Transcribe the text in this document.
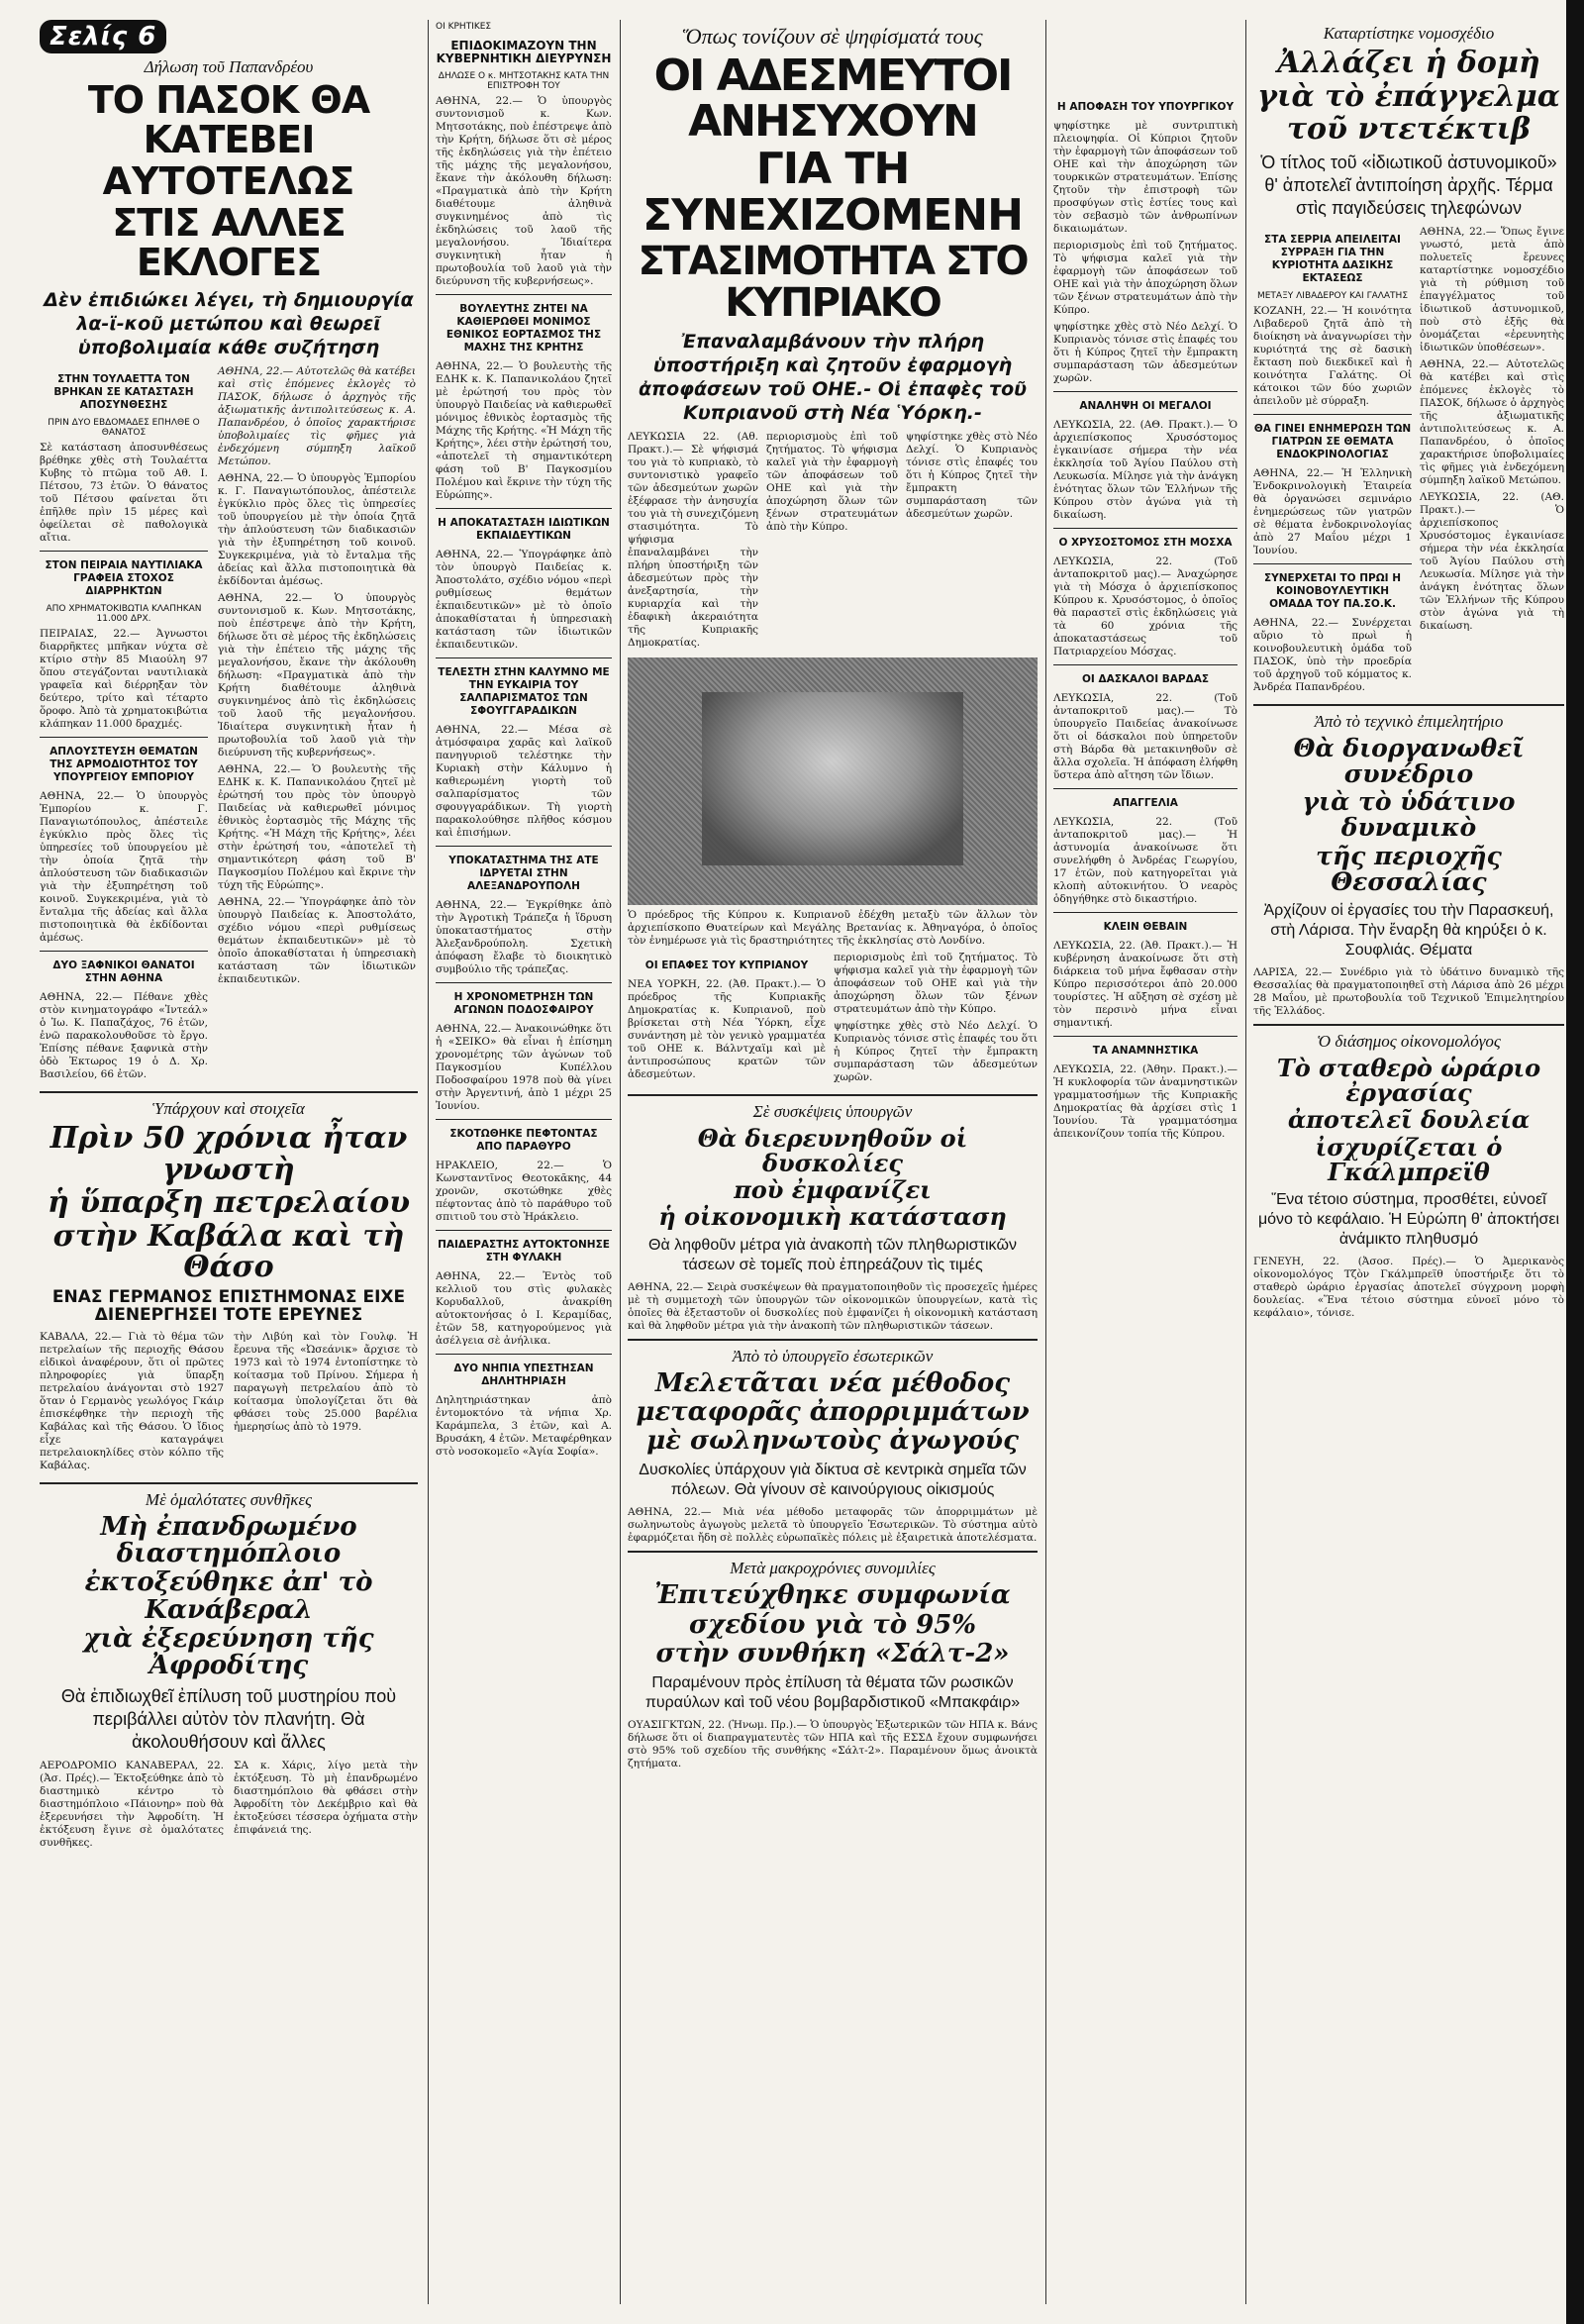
Σελίς 6
Δήλωση τοῦ Παπανδρέου
ΤΟ ΠΑΣΟΚ ΘΑ ΚΑΤΕΒΕΙ
ΑΥΤΟΤΕΛΩΣ
ΣΤΙΣ ΑΛΛΕΣ ΕΚΛΟΓΕΣ
Δὲν ἐπιδιώκει λέγει, τὴ δημιουργία λα-ϊ-κοῦ μετώπου καὶ θεωρεῖ ὑποβολιμαία κάθε συζήτηση
ΣΤΗΝ ΤΟΥΛΑΕΤΤΑ ΤΟΝ ΒΡΗΚΑΝ ΣΕ ΚΑΤΑΣΤΑΣΗ ΑΠΟΣΥΝΘΕΣΗΣ
ΠΡΙΝ ΔΥΟ ΕΒΔΟΜΑΔΕΣ ΕΠΗΛΘΕ Ο ΘΑΝΑΤΟΣ

Σὲ κατάσταση ἀποσυνθέσεως βρέθηκε χθὲς στὴ Τουλαέττα Κυβης τὸ πτῶμα τοῦ Αθ. Ι. Πέτσου, 73 ἐτῶν. Ὁ θάνατος τοῦ Πέτσου φαίνεται ὅτι ἐπῆλθε πρὶν 15 μέρες καὶ ὀφείλεται σὲ παθολογικὰ αἴτια.

ΣΤΟΝ ΠΕΙΡΑΙΑ ΝΑΥΤΙΛΙΑΚΑ ΓΡΑΦΕΙΑ ΣΤΟΧΟΣ ΔΙΑΡΡΗΚΤΩΝ
ΑΠΟ ΧΡΗΜΑΤΟΚΙΒΩΤΙΑ ΚΛΑΠΗΚΑΝ 11.000 ΔΡΧ.

ΠΕΙΡΑΙΑΣ, 22.— Ἀγνωστοι διαρρῆκτες μπῆκαν νύχτα σὲ κτίριο στὴν 85 Μιαούλη 97 ὅπου στεγάζονται ναυτιλιακὰ γραφεῖα καὶ διέρρηξαν τὸν δεύτερο, τρίτο καὶ τέταρτο ὅροφο. Ἀπὸ τὰ χρηματοκιβώτια κλάπηκαν 11.000 δραχμές.

ΑΠΛΟΥΣΤΕΥΣΗ ΘΕΜΑΤΩΝ ΤΗΣ ΑΡΜΟΔΙΟΤΗΤΟΣ ΤΟΥ ΥΠΟΥΡΓΕΙΟΥ ΕΜΠΟΡΙΟΥ

ΑΘΗΝΑ, 22.— Ὁ ὑπουργὸς Ἐμπορίου κ. Γ. Παναγιωτόπουλος, ἀπέστειλε ἐγκύκλιο πρὸς ὅλες τὶς ὑπηρεσίες τοῦ ὑπουργείου μὲ τὴν ὁποία ζητᾶ τὴν ἀπλούστευση τῶν διαδικασιῶν γιὰ τὴν ἐξυπηρέτηση τοῦ κοινοῦ. Συγκεκριμένα, γιὰ τὸ ἔνταλμα τῆς ἀδείας καὶ ἄλλα πιστοποιητικὰ θὰ ἐκδίδονται ἀμέσως.

ΔΥΟ ΞΑΦΝΙΚΟΙ ΘΑΝΑΤΟΙ ΣΤΗΝ ΑΘΗΝΑ

ΑΘΗΝΑ, 22.— Πέθανε χθὲς στὸν κινηματογράφο «Ἰντεάλ» ὁ Ἰω. Κ. Παπαζάχος, 76 ἐτῶν, ἐνῶ παρακολουθοῦσε τὸ ἔργο. Ἐπίσης πέθανε ξαφνικὰ στὴν ὁδὸ Ἐκτωρος 19 ὁ Δ. Χρ. Βασιλείου, 66 ἐτῶν.

ΑΘΗΝΑ, 22.— Αὐτοτελῶς θὰ κατέβει καὶ στὶς ἑπόμενες ἐκλογὲς τὸ ΠΑΣΟΚ, δήλωσε ὁ ἀρχηγὸς τῆς ἀξιωματικῆς ἀντιπολιτεύσεως κ. Α. Παπανδρέου, ὁ ὁποῖος χαρακτήρισε ὑποβολιμαίες τὶς φῆμες γιὰ ἐνδεχόμενη σύμπηξη λαϊκοῦ Μετώπου.

ΑΘΗΝΑ, 22.— Ὁ ὑπουργὸς Ἐμπορίου κ. Γ. Παναγιωτόπουλος, ἀπέστειλε ἐγκύκλιο πρὸς ὅλες τὶς ὑπηρεσίες τοῦ ὑπουργείου μὲ τὴν ὁποία ζητᾶ τὴν ἀπλούστευση τῶν διαδικασιῶν γιὰ τὴν ἐξυπηρέτηση τοῦ κοινοῦ. Συγκεκριμένα, γιὰ τὸ ἔνταλμα τῆς ἀδείας καὶ ἄλλα πιστοποιητικὰ θὰ ἐκδίδονται ἀμέσως.

ΑΘΗΝΑ, 22.— Ὁ ὑπουργὸς συντονισμοῦ κ. Κων. Μητσοτάκης, ποὺ ἐπέστρεψε ἀπὸ τὴν Κρήτη, δήλωσε ὅτι σὲ μέρος τῆς ἐκδηλώσεις γιὰ τὴν ἐπέτειο τῆς μάχης τῆς μεγαλονήσου, ἔκανε τὴν ἀκόλουθη δήλωση: «Πραγματικὰ ἀπὸ τὴν Κρήτη διαθέτουμε ἀληθινὰ συγκινημένος ἀπὸ τὶς ἐκδηλώσεις τοῦ λαοῦ τῆς μεγαλονήσου. Ἰδιαίτερα συγκινητικὴ ἦταν ἡ πρωτοβουλία τοῦ λαοῦ γιὰ τὴν διεύρυνση τῆς κυβερνήσεως».

ΑΘΗΝΑ, 22.— Ὁ βουλευτὴς τῆς ΕΔΗΚ κ. Κ. Παπανικολάου ζητεῖ μὲ ἐρώτησή του πρὸς τὸν ὑπουργὸ Παιδείας νὰ καθιερωθεῖ μόνιμος ἐθνικὸς ἑορτασμὸς τῆς Μάχης τῆς Κρήτης. «Ἡ Μάχη τῆς Κρήτης», λέει στὴν ἐρώτησή του, «ἀποτελεῖ τὴ σημαντικότερη φάση τοῦ Β' Παγκοσμίου Πολέμου καὶ ἔκρινε τὴν τύχη τῆς Εὐρώπης».

ΑΘΗΝΑ, 22.— Ὑπογράφηκε ἀπὸ τὸν ὑπουργὸ Παιδείας κ. Ἀποστολάτο, σχέδιο νόμου «περὶ ρυθμίσεως θεμάτων ἐκπαιδευτικῶν» μὲ τὸ ὁποῖο ἀποκαθίσταται ἡ ὑπηρεσιακὴ κατάσταση τῶν ἰδιωτικῶν ἐκπαιδευτικῶν.

Ὑπάρχουν καὶ στοιχεῖα
Πρὶν 50 χρόνια ἦταν γνωστὴ
ἡ ὕπαρξη πετρελαίου
στὴν Καβάλα καὶ τὴ Θάσο
ΕΝΑΣ ΓΕΡΜΑΝΟΣ ΕΠΙΣΤΗΜΟΝΑΣ ΕΙΧΕ ΔΙΕΝΕΡΓΗΣΕΙ ΤΟΤΕ ΕΡΕΥΝΕΣ

ΚΑΒΑΛΑ, 22.— Γιὰ τὸ θέμα τῶν πετρελαίων τῆς περιοχῆς Θάσου εἰδικοὶ ἀναφέρουν, ὅτι οἱ πρῶτες πληροφορίες γιὰ ὕπαρξη πετρελαίου ἀνάγονται στὸ 1927 ὅταν ὁ Γερμανὸς γεωλόγος Γκάιρ ἐπισκέφθηκε τὴν περιοχὴ τῆς Καβάλας καὶ τῆς Θάσου. Ὁ ἴδιος εἶχε καταγράψει πετρελαιοκηλίδες στὸν κόλπο τῆς Καβάλας.

τὴν Λιβύη καὶ τὸν Γουλφ. Ἡ ἔρευνα τῆς «Ὠσεάνικ» ἄρχισε τὸ 1973 καὶ τὸ 1974 ἐντοπίστηκε τὸ κοίτασμα τοῦ Πρίνου. Σήμερα ἡ παραγωγὴ πετρελαίου ἀπὸ τὸ κοίτασμα ὑπολογίζεται ὅτι θὰ φθάσει τοὺς 25.000 βαρέλια ἡμερησίως ἀπὸ τὸ 1979.

Μὲ ὁμαλότατες συνθῆκες
Μὴ ἐπανδρωμένο διαστημόπλοιο
ἐκτοξεύθηκε ἀπ' τὸ Κανάβεραλ
χιὰ ἐξερεύνηση τῆς Ἀφροδίτης
Θὰ ἐπιδιωχθεῖ ἐπίλυση τοῦ μυστηρίου ποὺ περιβάλλει αὐτὸν τὸν πλανήτη. Θὰ ἀκολουθήσουν καὶ ἄλλες

ΑΕΡΟΔΡΟΜΙΟ ΚΑΝΑΒΕΡΑΛ, 22. (Ἀσ. Πρές).— Ἐκτοξεύθηκε ἀπὸ τὸ διαστημικὸ κέντρο τὸ διαστημόπλοιο «Πάιονηρ» ποὺ θὰ ἐξερευνήσει τὴν Ἀφροδίτη. Ἡ ἐκτόξευση ἔγινε σὲ ὁμαλότατες συνθῆκες.

ΣΑ κ. Χάρις, λίγο μετὰ τὴν ἐκτόξευση. Τὸ μὴ ἐπανδρωμένο διαστημόπλοιο θὰ φθάσει στὴν Ἀφροδίτη τὸν Δεκέμβριο καὶ θὰ ἐκτοξεύσει τέσσερα ὀχήματα στὴν ἐπιφάνειά της.

ΟΙ ΚΡΗΤΙΚΕΣ
ΕΠΙΔΟΚΙΜΑΖΟΥΝ ΤΗΝ ΚΥΒΕΡΝΗΤΙΚΗ ΔΙΕΥΡΥΝΣΗ
ΔΗΛΩΣΕ Ο κ. ΜΗΤΣΟΤΑΚΗΣ ΚΑΤΑ ΤΗΝ ΕΠΙΣΤΡΟΦΗ ΤΟΥ

ΑΘΗΝΑ, 22.— Ὁ ὑπουργὸς συντονισμοῦ κ. Κων. Μητσοτάκης, ποὺ ἐπέστρεψε ἀπὸ τὴν Κρήτη, δήλωσε ὅτι σὲ μέρος τῆς ἐκδηλώσεις γιὰ τὴν ἐπέτειο τῆς μάχης τῆς μεγαλονήσου, ἔκανε τὴν ἀκόλουθη δήλωση: «Πραγματικὰ ἀπὸ τὴν Κρήτη διαθέτουμε ἀληθινὰ συγκινημένος ἀπὸ τὶς ἐκδηλώσεις τοῦ λαοῦ τῆς μεγαλονήσου. Ἰδιαίτερα συγκινητικὴ ἦταν ἡ πρωτοβουλία τοῦ λαοῦ γιὰ τὴν διεύρυνση τῆς κυβερνήσεως».

ΒΟΥΛΕΥΤΗΣ ΖΗΤΕΙ ΝΑ ΚΑΘΙΕΡΩΘΕΙ ΜΟΝΙΜΟΣ ΕΘΝΙΚΟΣ ΕΟΡΤΑΣΜΟΣ ΤΗΣ ΜΑΧΗΣ ΤΗΣ ΚΡΗΤΗΣ

ΑΘΗΝΑ, 22.— Ὁ βουλευτὴς τῆς ΕΔΗΚ κ. Κ. Παπανικολάου ζητεῖ μὲ ἐρώτησή του πρὸς τὸν ὑπουργὸ Παιδείας νὰ καθιερωθεῖ μόνιμος ἐθνικὸς ἑορτασμὸς τῆς Μάχης τῆς Κρήτης. «Ἡ Μάχη τῆς Κρήτης», λέει στὴν ἐρώτησή του, «ἀποτελεῖ τὴ σημαντικότερη φάση τοῦ Β' Παγκοσμίου Πολέμου καὶ ἔκρινε τὴν τύχη τῆς Εὐρώπης».

Η ΑΠΟΚΑΤΑΣΤΑΣΗ ΙΔΙΩΤΙΚΩΝ ΕΚΠΑΙΔΕΥΤΙΚΩΝ

ΑΘΗΝΑ, 22.— Ὑπογράφηκε ἀπὸ τὸν ὑπουργὸ Παιδείας κ. Ἀποστολάτο, σχέδιο νόμου «περὶ ρυθμίσεως θεμάτων ἐκπαιδευτικῶν» μὲ τὸ ὁποῖο ἀποκαθίσταται ἡ ὑπηρεσιακὴ κατάσταση τῶν ἰδιωτικῶν ἐκπαιδευτικῶν.

ΤΕΛΕΣΤΗ ΣΤΗΝ ΚΑΛΥΜΝΟ ΜΕ ΤΗΝ ΕΥΚΑΙΡΙΑ ΤΟΥ ΣΑΛΠΑΡΙΣΜΑΤΟΣ ΤΩΝ ΣΦΟΥΓΓΑΡΑΔΙΚΩΝ

ΑΘΗΝΑ, 22.— Μέσα σὲ ἀτμόσφαιρα χαρᾶς καὶ λαϊκοῦ πανηγυριοῦ τελέστηκε τὴν Κυριακὴ στὴν Κάλυμνο ἡ καθιερωμένη γιορτὴ τοῦ σαλπαρίσματος τῶν σφουγγαράδικων. Τὴ γιορτὴ παρακολούθησε πλῆθος κόσμου καὶ ἐπισήμων.

ΥΠΟΚΑΤΑΣΤΗΜΑ ΤΗΣ ΑΤΕ ΙΔΡΥΕΤΑΙ ΣΤΗΝ ΑΛΕΞΑΝΔΡΟΥΠΟΛΗ

ΑΘΗΝΑ, 22.— Ἐγκρίθηκε ἀπὸ τὴν Ἀγροτικὴ Τράπεζα ἡ ἵδρυση ὑποκαταστήματος στὴν Ἀλεξανδρούπολη. Σχετικὴ ἀπόφαση ἔλαβε τὸ διοικητικὸ συμβούλιο τῆς τράπεζας.

Η ΧΡΟΝΟΜΕΤΡΗΣΗ ΤΩΝ ΑΓΩΝΩΝ ΠΟΔΟΣΦΑΙΡΟΥ

ΑΘΗΝΑ, 22.— Ἀνακοινώθηκε ὅτι ἡ «ΣΕΙΚΟ» θὰ εἶναι ἡ ἐπίσημη χρονομέτρης τῶν ἀγώνων τοῦ Παγκοσμίου Κυπέλλου Ποδοσφαίρου 1978 ποὺ θὰ γίνει στὴν Ἀργεντινή, ἀπὸ 1 μέχρι 25 Ἰουνίου.

ΣΚΟΤΩΘΗΚΕ ΠΕΦΤΟΝΤΑΣ ΑΠΟ ΠΑΡΑΘΥΡΟ

ΗΡΑΚΛΕΙΟ, 22.— Ὁ Κωνσταντῖνος Θεοτοκᾶκης, 44 χρονῶν, σκοτώθηκε χθὲς πέφτοντας ἀπὸ τὸ παράθυρο τοῦ σπιτιοῦ του στὸ Ἡράκλειο.

ΠΑΙΔΕΡΑΣΤΗΣ ΑΥΤΟΚΤΟΝΗΣΕ ΣΤΗ ΦΥΛΑΚΗ

ΑΘΗΝΑ, 22.— Ἐντὸς τοῦ κελλιοῦ του στὶς φυλακὲς Κορυδαλλοῦ, ἀνακρίθη αὐτοκτονήσας ὁ Ι. Κεραμίδας, ἐτῶν 58, κατηγορούμενος γιὰ ἀσέλγεια σὲ ἀνήλικα.

ΔΥΟ ΝΗΠΙΑ ΥΠΕΣΤΗΣΑΝ ΔΗΛΗΤΗΡΙΑΣΗ

Δηλητηριάστηκαν ἀπὸ ἐντομοκτόνο τὰ νήπια Χρ. Καράμπελα, 3 ἐτῶν, καὶ Α. Βρυσάκη, 4 ἐτῶν. Μεταφέρθηκαν στὸ νοσοκομεῖο «Ἀγία Σοφία».

Ὅπως τονίζουν σὲ ψηφίσματά τους
ΟΙ ΑΔΕΣΜΕΥΤΟΙ ΑΝΗΣΥΧΟΥΝ
ΓΙΑ ΤΗ ΣΥΝΕΧΙΖΟΜΕΝΗ
ΣΤΑΣΙΜΟΤΗΤΑ ΣΤΟ ΚΥΠΡΙΑΚΟ
Ἐπαναλαμβάνουν τὴν πλήρη ὑποστήριξη καὶ ζητοῦν ἐφαρμογὴ ἀποφάσεων τοῦ ΟΗΕ.- Οἱ ἐπαφὲς τοῦ Κυπριανοῦ στὴ Νέα Ὑόρκη.-

ΛΕΥΚΩΣΙΑ 22. (Αθ. Πρακτ.).— Σὲ ψήφισμά του γιὰ τὸ κυπριακὸ, τὸ συντονιστικὸ γραφεῖο τῶν ἀδεσμεύτων χωρῶν ἐξέφρασε τὴν ἀνησυχία του γιὰ τὴ συνεχιζόμενη στασιμότητα. Τὸ ψήφισμα ἐπαναλαμβάνει τὴν πλήρη ὑποστήριξη τῶν ἀδεσμεύτων πρὸς τὴν ἀνεξαρτησία, τὴν κυριαρχία καὶ τὴν ἐδαφικὴ ἀκεραιότητα τῆς Κυπριακῆς Δημοκρατίας.

περιορισμοὺς ἐπὶ τοῦ ζητήματος. Τὸ ψήφισμα καλεῖ γιὰ τὴν ἐφαρμογὴ τῶν ἀποφάσεων τοῦ ΟΗΕ καὶ γιὰ τὴν ἀποχώρηση ὅλων τῶν ξένων στρατευμάτων ἀπὸ τὴν Κύπρο.

ψηφίστηκε χθὲς στὸ Νέο Δελχί. Ὁ Κυπριανὸς τόνισε στὶς ἐπαφές του ὅτι ἡ Κύπρος ζητεῖ τὴν ἔμπρακτη συμπαράσταση τῶν ἀδεσμεύτων χωρῶν.

Ὁ πρόεδρος τῆς Κύπρου κ. Κυπριανοῦ ἐδέχθη μεταξὺ τῶν ἄλλων τὸν ἀρχιεπίσκοπο Θυατείρων καὶ Μεγάλης Βρετανίας κ. Ἀθηναγόρα, ὁ ὁποῖος τὸν ἐνημέρωσε γιὰ τὶς δραστηριότητες τῆς ἐκκλησίας στὸ Λονδίνο.

ΟΙ ΕΠΑΦΕΣ ΤΟΥ ΚΥΠΡΙΑΝΟΥ

ΝΕΑ ΥΟΡΚΗ, 22. (Ἀθ. Πρακτ.).— Ὁ πρόεδρος τῆς Κυπριακῆς Δημοκρατίας κ. Κυπριανοῦ, ποὺ βρίσκεται στὴ Νέα Ὑόρκη, εἶχε συνάντηση μὲ τὸν γενικὸ γραμματέα τοῦ ΟΗΕ κ. Βάλντχαϊμ καὶ μὲ ἀντιπροσώπους κρατῶν τῶν ἀδεσμεύτων.

περιορισμοὺς ἐπὶ τοῦ ζητήματος. Τὸ ψήφισμα καλεῖ γιὰ τὴν ἐφαρμογὴ τῶν ἀποφάσεων τοῦ ΟΗΕ καὶ γιὰ τὴν ἀποχώρηση ὅλων τῶν ξένων στρατευμάτων ἀπὸ τὴν Κύπρο.

ψηφίστηκε χθὲς στὸ Νέο Δελχί. Ὁ Κυπριανὸς τόνισε στὶς ἐπαφές του ὅτι ἡ Κύπρος ζητεῖ τὴν ἔμπρακτη συμπαράσταση τῶν ἀδεσμεύτων χωρῶν.

Σὲ συσκέψεις ὑπουργῶν
Θὰ διερευνηθοῦν οἱ δυσκολίες
ποὺ ἐμφανίζει
ἡ οἰκονομικὴ κατάσταση
Θὰ ληφθοῦν μέτρα γιὰ ἀνακοπὴ τῶν πληθωριστικῶν τάσεων σὲ τομεῖς ποὺ ἐπηρεάζουν τὶς τιμές

ΑΘΗΝΑ, 22.— Σειρὰ συσκέψεων θὰ πραγματοποιηθοῦν τὶς προσεχεῖς ἡμέρες μὲ τὴ συμμετοχὴ τῶν ὑπουργῶν τῶν οἰκονομικῶν ὑπουργείων, κατὰ τὶς ὁποῖες θὰ ἐξεταστοῦν οἱ δυσκολίες ποὺ ἐμφανίζει ἡ οἰκονομικὴ κατάσταση καὶ θὰ ληφθοῦν μέτρα γιὰ τὴν ἀνακοπὴ τῶν πληθωριστικῶν τάσεων.

Ἀπὸ τὸ ὑπουργεῖο ἐσωτερικῶν
Μελετᾶται νέα μέθοδος
μεταφορᾶς ἀπορριμμάτων
μὲ σωληνωτοὺς ἀγωγούς
Δυσκολίες ὑπάρχουν γιὰ δίκτυα σὲ κεντρικὰ σημεῖα τῶν πόλεων. Θὰ γίνουν σὲ καινούργιους οἰκισμούς

ΑΘΗΝΑ, 22.— Μιὰ νέα μέθοδο μεταφορᾶς τῶν ἀπορριμμάτων μὲ σωληνωτοὺς ἀγωγοὺς μελετᾶ τὸ ὑπουργεῖο Ἐσωτερικῶν. Τὸ σύστημα αὐτὸ ἐφαρμόζεται ἤδη σὲ πολλὲς εὐρωπαϊκὲς πόλεις μὲ ἐξαιρετικὰ ἀποτελέσματα.

Μετὰ μακροχρόνιες συνομιλίες
Ἐπιτεύχθηκε συμφωνία
σχεδίου γιὰ τὸ 95%
στὴν συνθήκη «Σάλτ-2»
Παραμένουν πρὸς ἐπίλυση τὰ θέματα τῶν ρωσικῶν πυραύλων καὶ τοῦ νέου βομβαρδιστικοῦ «Μπακφάιρ»

ΟΥΑΣΙΓΚΤΩΝ, 22. (Ἡνωμ. Πρ.).— Ὁ ὑπουργὸς Ἐξωτερικῶν τῶν ΗΠΑ κ. Βάνς δήλωσε ὅτι οἱ διαπραγματευτὲς τῶν ΗΠΑ καὶ τῆς ΕΣΣΔ ἔχουν συμφωνήσει στὸ 95% τοῦ σχεδίου τῆς συνθήκης «Σάλτ-2». Παραμένουν ὅμως ἀνοικτὰ ζητήματα.

Η ΑΠΟΦΑΣΗ ΤΟΥ ΥΠΟΥΡΓΙΚΟΥ

ψηφίστηκε μὲ συντριπτικὴ πλειοψηφία. Οἱ Κύπριοι ζητοῦν τὴν ἐφαρμογὴ τῶν ἀποφάσεων τοῦ ΟΗΕ καὶ τὴν ἀποχώρηση τῶν τουρκικῶν στρατευμάτων. Ἐπίσης ζητοῦν τὴν ἐπιστροφὴ τῶν προσφύγων στὶς ἑστίες τους καὶ τὸν σεβασμὸ τῶν ἀνθρωπίνων δικαιωμάτων.

περιορισμοὺς ἐπὶ τοῦ ζητήματος. Τὸ ψήφισμα καλεῖ γιὰ τὴν ἐφαρμογὴ τῶν ἀποφάσεων τοῦ ΟΗΕ καὶ γιὰ τὴν ἀποχώρηση ὅλων τῶν ξένων στρατευμάτων ἀπὸ τὴν Κύπρο.

ψηφίστηκε χθὲς στὸ Νέο Δελχί. Ὁ Κυπριανὸς τόνισε στὶς ἐπαφές του ὅτι ἡ Κύπρος ζητεῖ τὴν ἔμπρακτη συμπαράσταση τῶν ἀδεσμεύτων χωρῶν.

ΑΝΑΛΗΨΗ ΟΙ ΜΕΓΑΛΟΙ

ΛΕΥΚΩΣΙΑ, 22. (ΑΘ. Πρακτ.).— Ὁ ἀρχιεπίσκοπος Χρυσόστομος ἐγκαινίασε σήμερα τὴν νέα ἐκκλησία τοῦ Ἁγίου Παύλου στὴ Λευκωσία. Μίλησε γιὰ τὴν ἀνάγκη ἑνότητας ὅλων τῶν Ἑλλήνων τῆς Κύπρου στὸν ἀγώνα γιὰ τὴ δικαίωση.

Ο ΧΡΥΣΟΣΤΟΜΟΣ ΣΤΗ ΜΟΣΧΑ

ΛΕΥΚΩΣΙΑ, 22. (Τοῦ ἀνταποκριτοῦ μας).— Ἀναχώρησε γιὰ τὴ Μόσχα ὁ ἀρχιεπίσκοπος Κύπρου κ. Χρυσόστομος, ὁ ὁποῖος θὰ παραστεῖ στὶς ἐκδηλώσεις γιὰ τὰ 60 χρόνια τῆς ἀποκαταστάσεως τοῦ Πατριαρχείου Μόσχας.

ΟΙ ΔΑΣΚΑΛΟΙ ΒΑΡΔΑΣ

ΛΕΥΚΩΣΙΑ, 22. (Τοῦ ἀνταποκριτοῦ μας).— Τὸ ὑπουργεῖο Παιδείας ἀνακοίνωσε ὅτι οἱ δάσκαλοι ποὺ ὑπηρετοῦν στὴ Βάρδα θὰ μετακινηθοῦν σὲ ἄλλα σχολεῖα. Ἡ ἀπόφαση ἐλήφθη ὕστερα ἀπὸ αἴτηση τῶν ἴδιων.

ΑΠΑΓΓΕΛΙΑ

ΛΕΥΚΩΣΙΑ, 22. (Τοῦ ἀνταποκριτοῦ μας).— Ἡ ἀστυνομία ἀνακοίνωσε ὅτι συνελήφθη ὁ Ἀνδρέας Γεωργίου, 17 ἐτῶν, ποὺ κατηγορεῖται γιὰ κλοπὴ αὐτοκινήτου. Ὁ νεαρὸς ὁδηγήθηκε στὸ δικαστήριο.

ΚΛΕΙΝ ΘΕΒΑΙΝ

ΛΕΥΚΩΣΙΑ, 22. (Ἀθ. Πρακτ.).— Ἡ κυβέρνηση ἀνακοίνωσε ὅτι στὴ διάρκεια τοῦ μήνα ἔφθασαν στὴν Κύπρο περισσότεροι ἀπὸ 20.000 τουρίστες. Ἡ αὔξηση σὲ σχέση μὲ τὸν περσινὸ μήνα εἶναι σημαντική.

ΤΑ ΑΝΑΜΝΗΣΤΙΚΑ

ΛΕΥΚΩΣΙΑ, 22. (Ἀθην. Πρακτ.).— Ἡ κυκλοφορία τῶν ἀναμνηστικῶν γραμματοσήμων τῆς Κυπριακῆς Δημοκρατίας θὰ ἀρχίσει στὶς 1 Ἰουνίου. Τὰ γραμματόσημα ἀπεικονίζουν τοπία τῆς Κύπρου.

Καταρτίστηκε νομοσχέδιο
Ἀλλάζει ἡ δομὴ
γιὰ τὸ ἐπάγγελμα
τοῦ ντετέκτιβ
Ὁ τίτλος τοῦ «ἰδιωτικοῦ ἀστυνομικοῦ» θ' ἀποτελεῖ ἀντιποίηση ἀρχῆς. Τέρμα στὶς παγιδεύσεις τηλεφώνων
ΣΤΑ ΣΕΡΡΙΑ ΑΠΕΙΛΕΙΤΑΙ ΣΥΡΡΑΞΗ ΓΙΑ ΤΗΝ ΚΥΡΙΟΤΗΤΑ ΔΑΣΙΚΗΣ ΕΚΤΑΣΕΩΣ
ΜΕΤΑΞΥ ΛΙΒΑΔΕΡΟΥ ΚΑΙ ΓΑΛΑΤΗΣ

ΚΟΖΑΝΗ, 22.— Ἡ κοινότητα Λιβαδεροῦ ζητᾶ ἀπὸ τὴ διοίκηση νὰ ἀναγνωρίσει τὴν κυριότητά της σὲ δασικὴ ἔκταση ποὺ διεκδικεῖ καὶ ἡ κοινότητα Γαλάτης. Οἱ κάτοικοι τῶν δύο χωριῶν ἀπειλοῦν μὲ σύρραξη.

ΘΑ ΓΙΝΕΙ ΕΝΗΜΕΡΩΣΗ ΤΩΝ ΓΙΑΤΡΩΝ ΣΕ ΘΕΜΑΤΑ ΕΝΔΟΚΡΙΝΟΛΟΓΙΑΣ

ΑΘΗΝΑ, 22.— Ἡ Ἑλληνικὴ Ἐνδοκρινολογικὴ Ἑταιρεία θὰ ὀργανώσει σεμινάριο ἐνημερώσεως τῶν γιατρῶν σὲ θέματα ἐνδοκρινολογίας ἀπὸ 27 Μαΐου μέχρι 1 Ἰουνίου.

ΣΥΝΕΡΧΕΤΑΙ ΤΟ ΠΡΩΙ Η ΚΟΙΝΟΒΟΥΛΕΥΤΙΚΗ ΟΜΑΔΑ ΤΟΥ ΠΑ.ΣΟ.Κ.

ΑΘΗΝΑ, 22.— Συνέρχεται αὔριο τὸ πρωὶ ἡ κοινοβουλευτικὴ ὁμάδα τοῦ ΠΑΣΟΚ, ὑπὸ τὴν προεδρία τοῦ ἀρχηγοῦ τοῦ κόμματος κ. Ἀνδρέα Παπανδρέου.

ΑΘΗΝΑ, 22.— Ὅπως ἔγινε γνωστό, μετὰ ἀπὸ πολυετεῖς ἔρευνες καταρτίστηκε νομοσχέδιο γιὰ τὴ ρύθμιση τοῦ ἐπαγγέλματος τοῦ ἰδιωτικοῦ ἀστυνομικοῦ, ποὺ στὸ ἑξῆς θὰ ὀνομάζεται «ἐρευνητὴς ἰδιωτικῶν ὑποθέσεων».

ΑΘΗΝΑ, 22.— Αὐτοτελῶς θὰ κατέβει καὶ στὶς ἑπόμενες ἐκλογὲς τὸ ΠΑΣΟΚ, δήλωσε ὁ ἀρχηγὸς τῆς ἀξιωματικῆς ἀντιπολιτεύσεως κ. Α. Παπανδρέου, ὁ ὁποῖος χαρακτήρισε ὑποβολιμαίες τὶς φῆμες γιὰ ἐνδεχόμενη σύμπηξη λαϊκοῦ Μετώπου.

ΛΕΥΚΩΣΙΑ, 22. (ΑΘ. Πρακτ.).— Ὁ ἀρχιεπίσκοπος Χρυσόστομος ἐγκαινίασε σήμερα τὴν νέα ἐκκλησία τοῦ Ἁγίου Παύλου στὴ Λευκωσία. Μίλησε γιὰ τὴν ἀνάγκη ἑνότητας ὅλων τῶν Ἑλλήνων τῆς Κύπρου στὸν ἀγώνα γιὰ τὴ δικαίωση.

Ἀπὸ τὸ τεχνικὸ ἐπιμελητήριο
Θὰ διοργανωθεῖ συνέδριο
γιὰ τὸ ὑδάτινο δυναμικὸ
τῆς περιοχῆς Θεσσαλίας
Ἀρχίζουν οἱ ἐργασίες του τὴν Παρασκευή, στὴ Λάρισα. Τὴν ἔναρξη θὰ κηρύξει ὁ κ. Σουφλιάς. Θέματα

ΛΑΡΙΣΑ, 22.— Συνέδριο γιὰ τὸ ὑδάτινο δυναμικὸ τῆς Θεσσαλίας θὰ πραγματοποιηθεῖ στὴ Λάρισα ἀπὸ 26 μέχρι 28 Μαΐου, μὲ πρωτοβουλία τοῦ Τεχνικοῦ Ἐπιμελητηρίου τῆς Ἑλλάδος.

Ὁ διάσημος οἰκονομολόγος
Τὸ σταθερὸ ὡράριο ἐργασίας
ἀποτελεῖ δουλεία
ἰσχυρίζεται ὁ Γκάλμπρεϊθ
Ἕνα τέτοιο σύστημα, προσθέτει, εὐνοεῖ μόνο τὸ κεφάλαιο. Ἡ Εὐρώπη θ' ἀποκτήσει ἀνάμικτο πληθυσμό

ΓΕΝΕΥΗ, 22. (Ἀσοσ. Πρές).— Ὁ Ἀμερικανὸς οἰκονομολόγος Τζὸν Γκάλμπρεϊθ ὑποστήριξε ὅτι τὸ σταθερὸ ὡράριο ἐργασίας ἀποτελεῖ σύγχρονη μορφὴ δουλείας. «Ἕνα τέτοιο σύστημα εὐνοεῖ μόνο τὸ κεφάλαιο», τόνισε.
